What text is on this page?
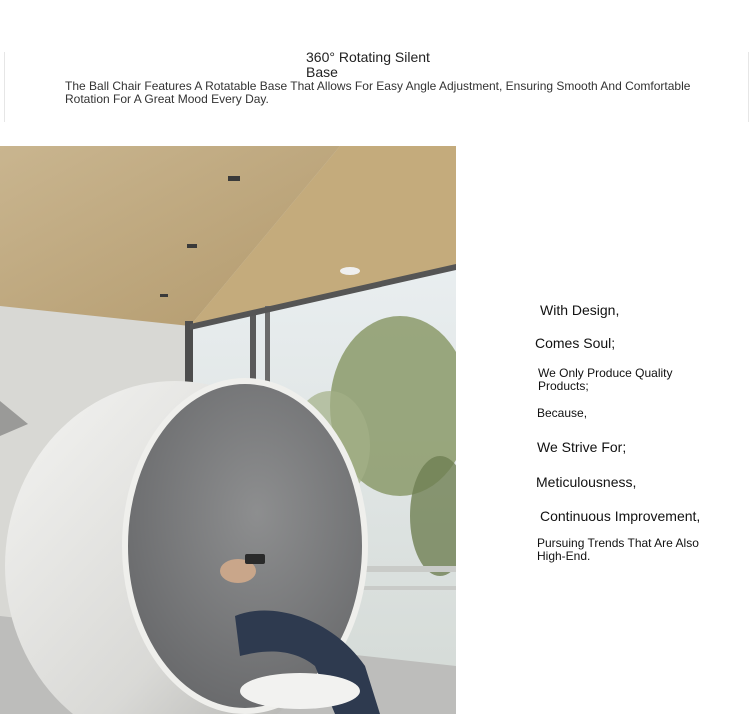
360° Rotating Silent Base
The Ball Chair Features A Rotatable Base That Allows For Easy Angle Adjustment, Ensuring Smooth And Comfortable Rotation For A Great Mood Every Day.
With Design,
Comes Soul;
We Only Produce Quality Products;
Because,
We Strive For;
Meticulousness,
Continuous Improvement,
Pursuing Trends That Are Also High-End.
